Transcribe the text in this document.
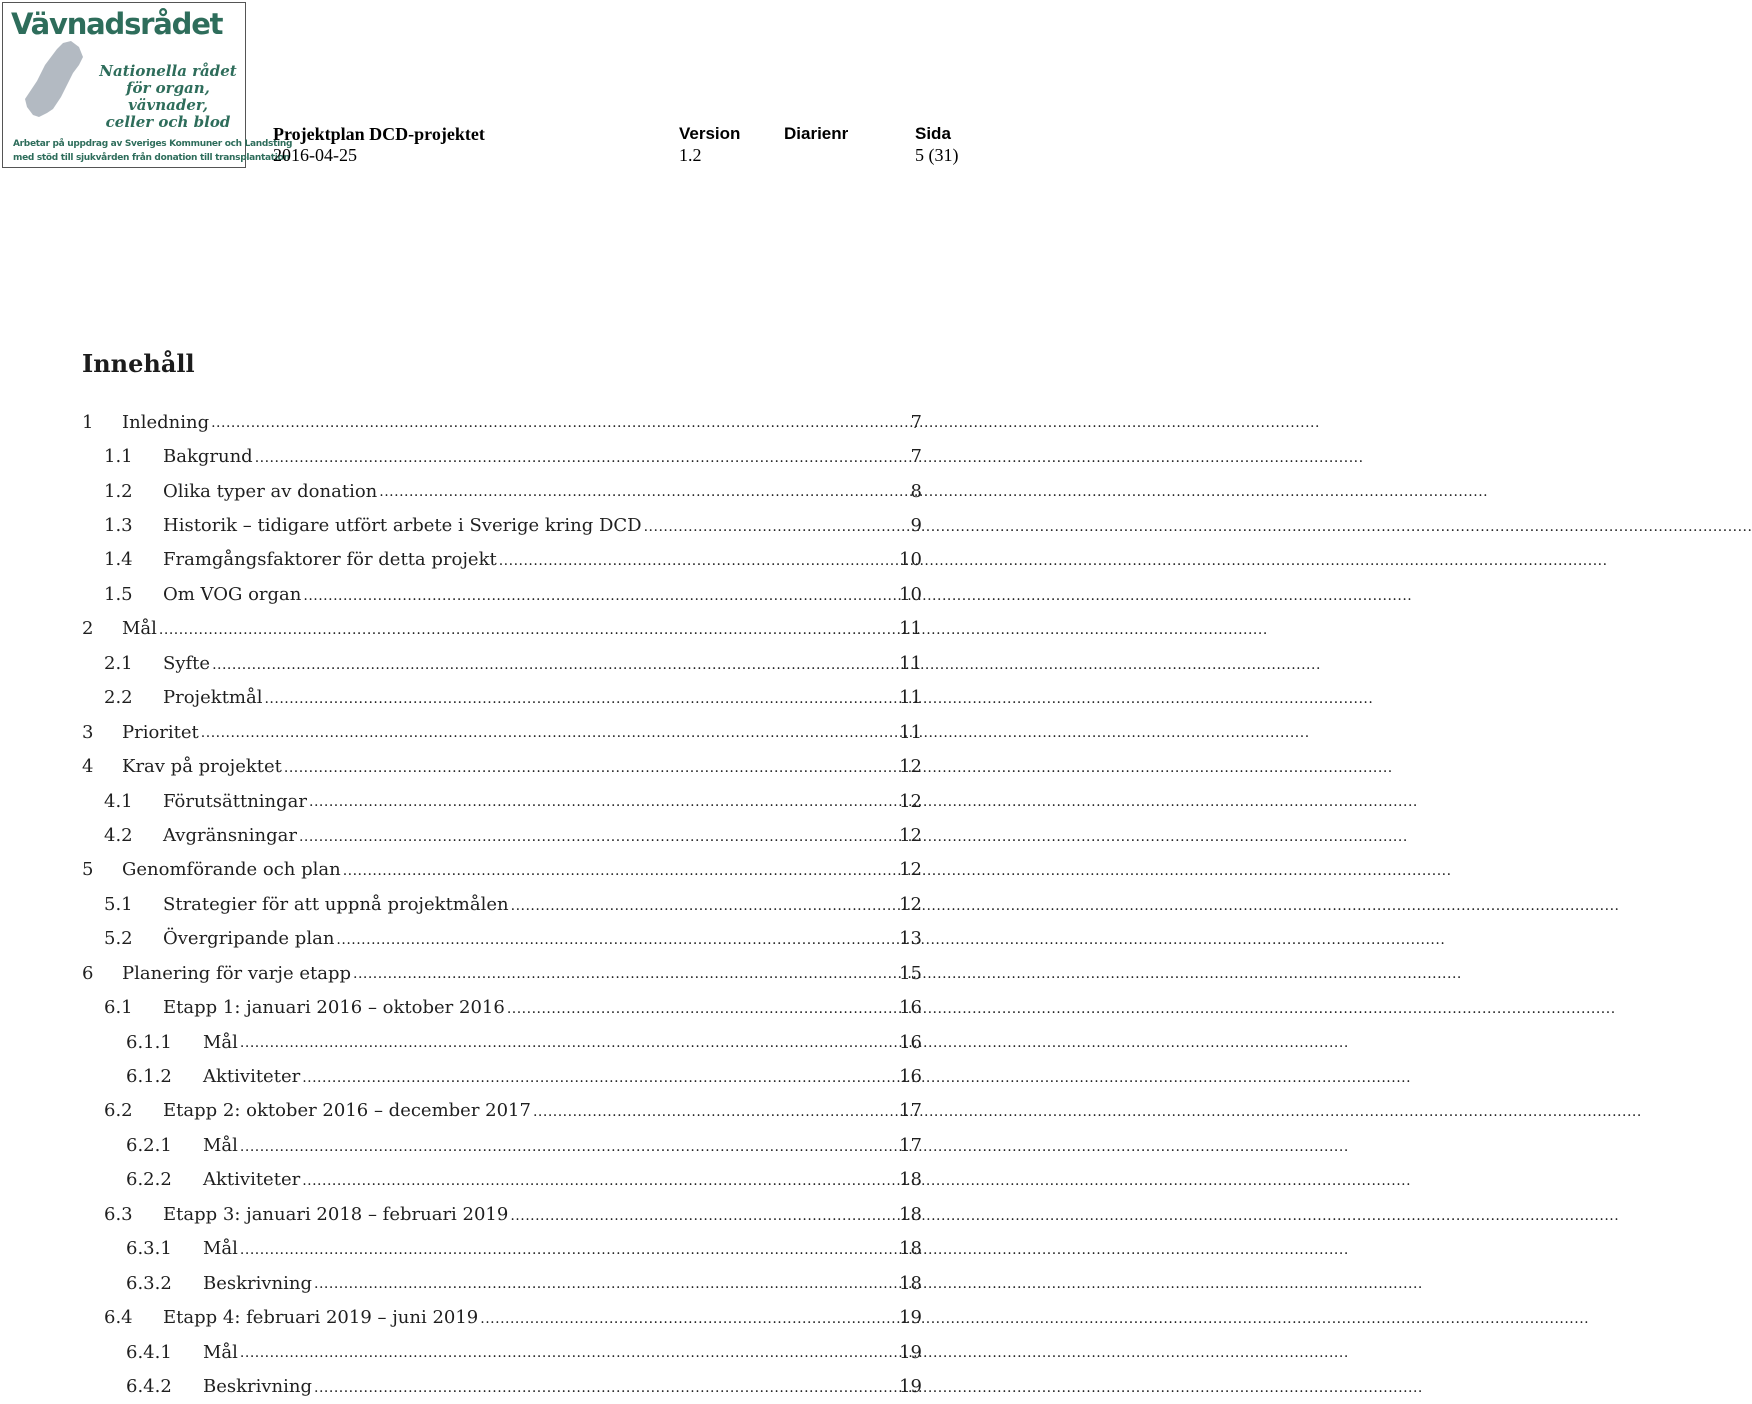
Vävnadsrådet
Nationella rådet
för organ, vävnader,
celler och blod
Arbetar på uppdrag av Sveriges Kommuner och Landsting
med stöd till sjukvården från donation till transplantation
Projektplan DCD-projektet
2016-04-25
Version
1.2
Diarienr	Sida
5 (31)
Innehåll
1	Inledning .....	7
1.1	Bakgrund .....	7
1.2	Olika typer av donation .....	8
1.3	Historik – tidigare utfört arbete i Sverige kring DCD .....	9
1.4	Framgångsfaktorer för detta projekt .....	10
1.5	Om VOG organ .....	10
2	Mål .....	11
2.1	Syfte .....	11
2.2	Projektmål .....	11
3	Prioritet .....	11
4	Krav på projektet .....	12
4.1	Förutsättningar .....	12
4.2	Avgränsningar .....	12
5	Genomförande och plan .....	12
5.1	Strategier för att uppnå projektmålen .....	12
5.2	Övergripande plan .....	13
6	Planering för varje etapp .....	15
6.1	Etapp 1: januari 2016 – oktober 2016 .....	16
6.1.1	Mål .....	16
6.1.2	Aktiviteter .....	16
6.2	Etapp 2: oktober 2016 – december 2017 .....	17
6.2.1	Mål .....	17
6.2.2	Aktiviteter .....	18
6.3	Etapp 3: januari 2018 – februari 2019 .....	18
6.3.1	Mål .....	18
6.3.2	Beskrivning .....	18
6.4	Etapp 4: februari 2019 – juni 2019 .....	19
6.4.1	Mål .....	19
6.4.2	Beskrivning .....	19
